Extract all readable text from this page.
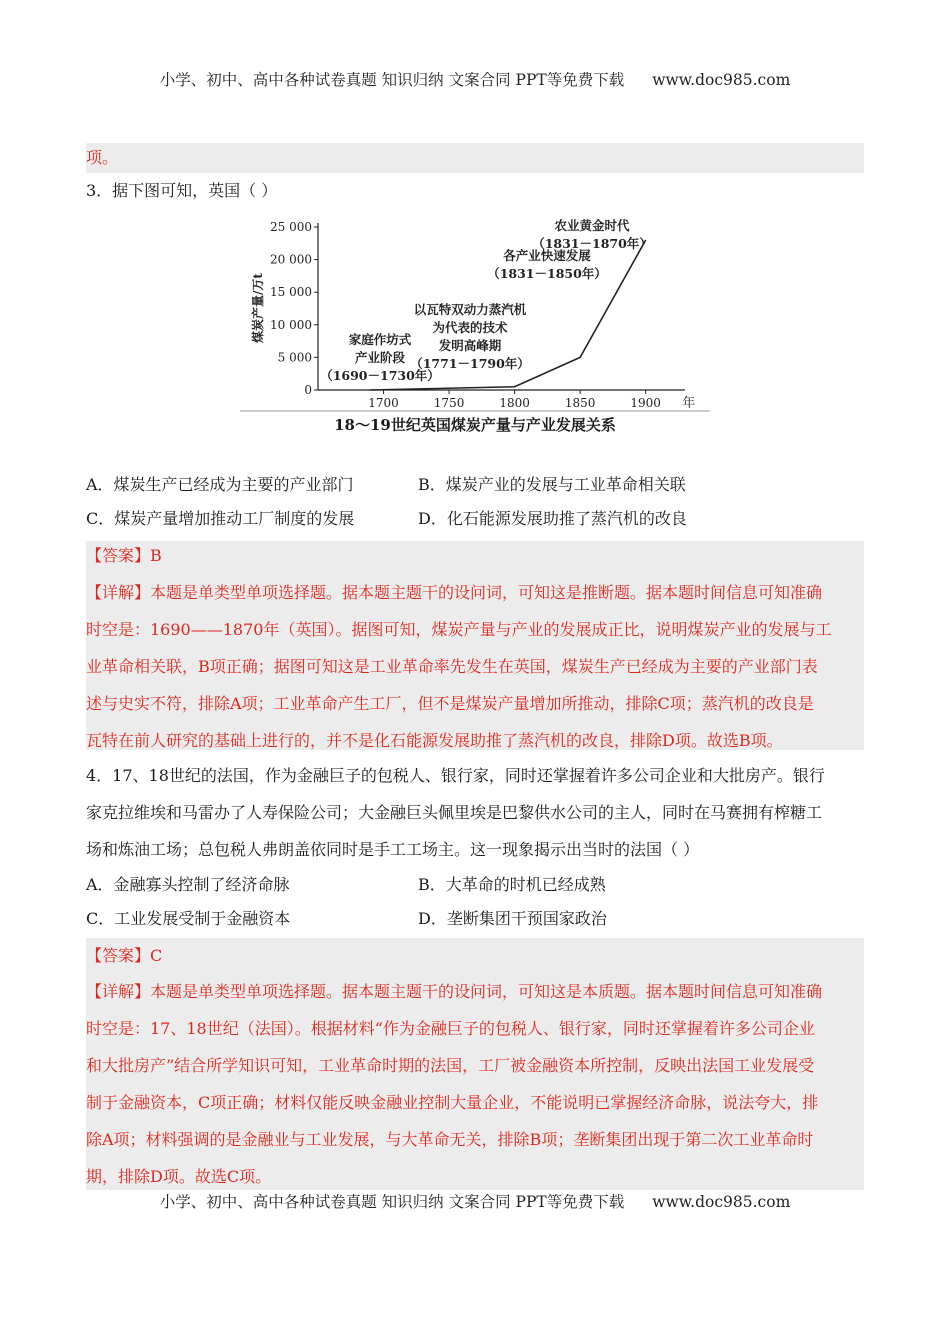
小学、初中、高中各种试卷真题 知识归纳 文案合同 PPT等免费下载 www.doc985.com
项。
3．据下图可知，英国（ ）
0
5 000
10 000
15 000
20 000
25 000
1700	1750	1800	1850	1900
煤炭产量/万t
年
家庭作坊式
产业阶段
（1690－1730年）
以瓦特双动力蒸汽机
为代表的技术
发明高峰期
（1771－1790年）
各产业快速发展
（1831－1850年）
农业黄金时代
（1831－1870年）
18～19世纪英国煤炭产量与产业发展关系
A．煤炭生产已经成为主要的产业部门	B．煤炭产业的发展与工业革命相关联
C．煤炭产量增加推动工厂制度的发展	D．化石能源发展助推了蒸汽机的改良
【答案】B
【详解】本题是单类型单项选择题。据本题主题干的设问词，可知这是推断题。据本题时间信息可知准确
时空是：1690——1870年（英国）。据图可知，煤炭产量与产业的发展成正比，说明煤炭产业的发展与工
业革命相关联，B项正确；据图可知这是工业革命率先发生在英国，煤炭生产已经成为主要的产业部门表
述与史实不符，排除A项；工业革命产生工厂，但不是煤炭产量增加所推动，排除C项；蒸汽机的改良是
瓦特在前人研究的基础上进行的，并不是化石能源发展助推了蒸汽机的改良，排除D项。故选B项。
4．17、18世纪的法国，作为金融巨子的包税人、银行家，同时还掌握着许多公司企业和大批房产。银行
家克拉维埃和马雷办了人寿保险公司；大金融巨头佩里埃是巴黎供水公司的主人，同时在马赛拥有榨糖工
场和炼油工场；总包税人弗朗盖依同时是手工工场主。这一现象揭示出当时的法国（ ）
A．金融寡头控制了经济命脉	B．大革命的时机已经成熟
C．工业发展受制于金融资本	D．垄断集团干预国家政治
【答案】C
【详解】本题是单类型单项选择题。据本题主题干的设问词，可知这是本质题。据本题时间信息可知准确
时空是：17、18世纪（法国）。根据材料“作为金融巨子的包税人、银行家，同时还掌握着许多公司企业
和大批房产”结合所学知识可知，工业革命时期的法国，工厂被金融资本所控制，反映出法国工业发展受
制于金融资本，C项正确；材料仅能反映金融业控制大量企业，不能说明已掌握经济命脉，说法夸大，排
除A项；材料强调的是金融业与工业发展，与大革命无关，排除B项；垄断集团出现于第二次工业革命时
期，排除D项。故选C项。
小学、初中、高中各种试卷真题 知识归纳 文案合同 PPT等免费下载 www.doc985.com
